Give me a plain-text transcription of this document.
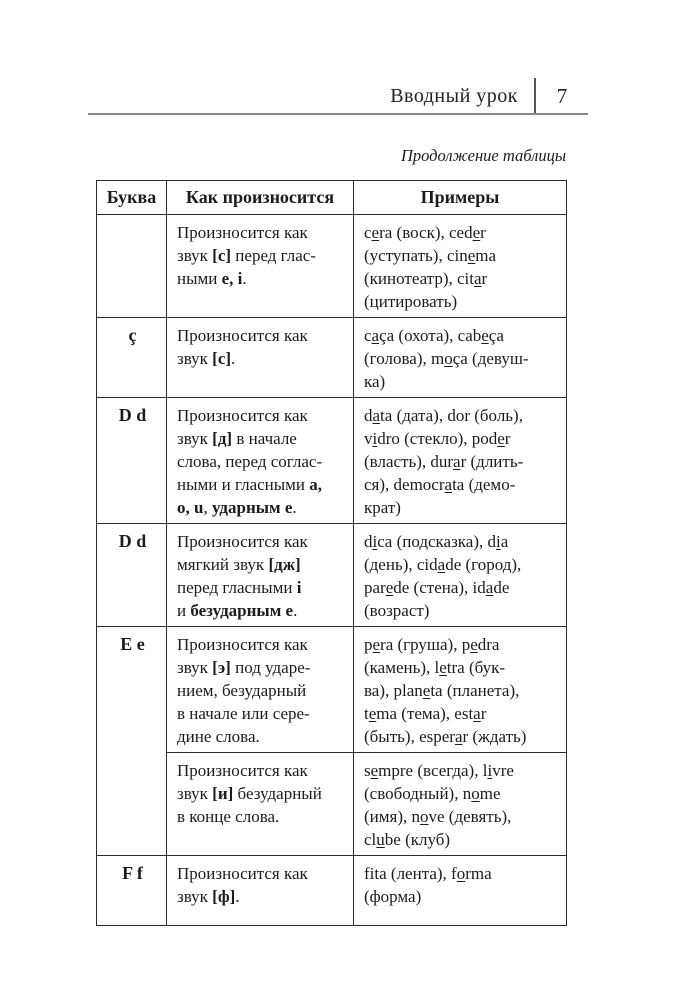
Вводный урок	7
Продолжение таблицы
Буква	Как произносится	Примеры
	Произносится как
звук [с] перед глас-
ными е, i.	cera (воск), ceder
(уступать), cinema
(кинотеатр), citar
(цитировать)
ç	Произносится как
звук [с].	caça (охота), cabeça
(голова), moça (девуш-
ка)
D d	Произносится как
звук [д] в начале
слова, перед соглас-
ными и гласными а,
о, u, ударным е.	data (дата), dor (боль),
vidro (стекло), poder
(власть), durar (длить-
ся), democrata (демо-
крат)
D d	Произносится как
мягкий звук [дж]
перед гласными i
и безударным е.	dica (подсказка), dia
(день), cidade (город),
parede (стена), idade
(возраст)
E e	Произносится как
звук [э] под ударе-
нием, безударный
в начале или сере-
дине слова.	pera (груша), pedra
(камень), letra (бук-
ва), planeta (планета),
tema (тема), estar
(быть), esperar (ждать)
	Произносится как
звук [и] безударный
в конце слова.	sempre (всегда), livre
(свободный), nome
(имя), nove (девять),
clube (клуб)
F f	Произносится как
звук [ф].	fita (лента), forma
(форма)
